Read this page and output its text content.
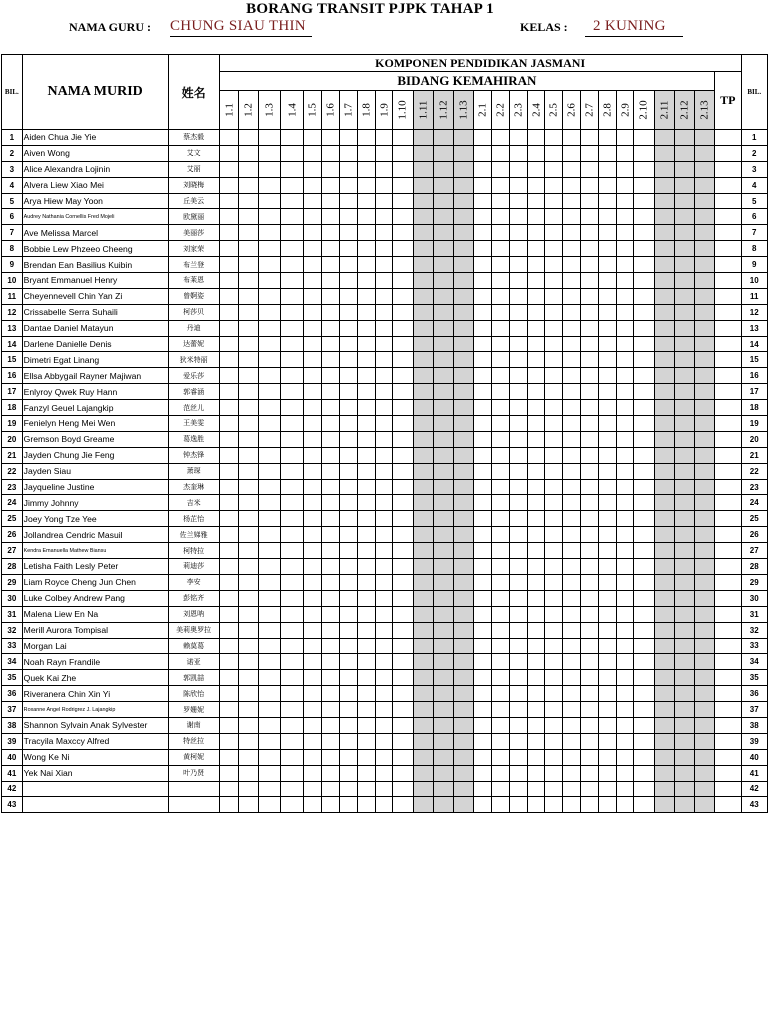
BORANG TRANSIT PJPK TAHAP 1
NAMA GURU : CHUNG SIAU THIN	KELAS :	2 KUNING
BIL.	NAMA MURID	姓名	KOMPONEN PENDIDIKAN JASMANI																											BIL.
			BIDANG KEMAHIRAN																										TP	

			1.1	1.2	1.3	1.4	1.5	1.6	1.7	1.8	1.9	1.10	1.11	1.12	1.13	2.1	2.2	2.3	2.4	2.5	2.6	2.7	2.8	2.9	2.10	2.11	2.12	2.13		

1	Aiden Chua Jie Yie	蔡杰毅																												1
2	Aiven Wong	艾文																												2
3	Alice Alexandra Lojinin	艾丽																												3
4	Alvera Liew Xiao Mei	刘晓梅																												4
5	Arya Hiew May Yoon	丘美云																												5
6	Audrey Nathania Cornellis Fred Mojeli	欧黛丽																												6
7	Ave Melissa Marcel	美丽莎																												7
8	Bobbie Lew Phzeeo Cheeng	刘家荣																												8
9	Brendan Ean Basilius Kuibin	布兰登																												9
10	Bryant Emmanuel Henry	布莱恩																												10
11	Cheyennevell Chin Yan Zi	曾婀姿																												11
12	Crissabelle Serra Suhaili	柯莎贝																												12
13	Dantae Daniel Matayun	丹迪																												13
14	Darlene Danielle Denis	达蕾妮																												14
15	Dimetri Egat Linang	狄米特丽																												15
16	Ellsa Abbygail Rayner Majiwan	爱乐莎																												16
17	Enlyroy Qwek Ruy Hann	郭睿涵																												17
18	Fanzyl Geuel Lajangkip	范丝儿																												18
19	Fenielyn Heng Mei Wen	王美雯																												19
20	Gremson Boyd Greame	葛逸胜																												20
21	Jayden Chung Jie Feng	钟杰锋																												21
22	Jayden Siau	萧琛																												22
23	Jayqueline Justine	杰奎琳																												23
24	Jimmy Johnny	吉米																												24
25	Joey Yong Tze Yee	杨芷怡																												25
26	Jollandrea Cendric Masuil	佐兰娣雅																												26
27	Kendra Emanuella Mathew Biansu	柯特拉																												27
28	Letisha Faith Lesly Peter	莉迪莎																												28
29	Liam Royce Cheng Jun Chen	李安																												29
30	Luke Colbey Andrew Pang	彭铭齐																												30
31	Malena Liew En Na	刘恩呐																												31
32	Merill Aurora Tompisal	美莉奥罗拉																												32
33	Morgan Lai	赖莫葛																												33
34	Noah Rayn Frandile	诺亚																												34
35	Quek Kai Zhe	郭凯喆																												35
36	Riveranera Chin Xin Yi	陈欣怡																												36
37	Roxanne Angel Rodrigrez J. Lajangkip	罗姗妮																												37
38	Shannon Sylvain Anak Sylvester	谢南																												38
39	Tracyila Maxccy Alfred	特丝拉																												39
40	Wong Ke Ni	黄柯妮																												40
41	Yek Nai Xian	叶乃贤																												41
42																														42
43																														43
